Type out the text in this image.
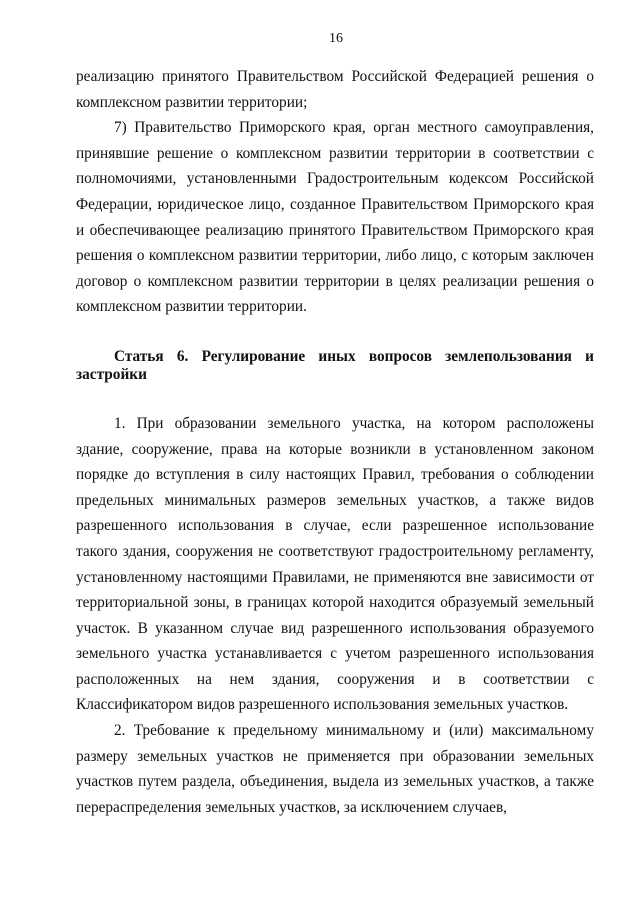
16

реализацию принятого Правительством Российской Федерацией решения о комплексном развитии территории;

7) Правительство Приморского края, орган местного самоуправления, принявшие решение о комплексном развитии территории в соответствии с полномочиями, установленными Градостроительным кодексом Российской Федерации, юридическое лицо, созданное Правительством Приморского края и обеспечивающее реализацию принятого Правительством Приморского края решения о комплексном развитии территории, либо лицо, с которым заключен договор о комплексном развитии территории в целях реализации решения о комплексном развитии территории.

Статья 6. Регулирование иных вопросов землепользования и застройки

1. При образовании земельного участка, на котором расположены здание, сооружение, права на которые возникли в установленном законом порядке до вступления в силу настоящих Правил, требования о соблюдении предельных минимальных размеров земельных участков, а также видов разрешенного использования в случае, если разрешенное использование такого здания, сооружения не соответствуют градостроительному регламенту, установленному настоящими Правилами, не применяются вне зависимости от территориальной зоны, в границах которой находится образуемый земельный участок. В указанном случае вид разрешенного использования образуемого земельного участка устанавливается с учетом разрешенного использования расположенных на нем здания, сооружения и в соответствии с Классификатором видов разрешенного использования земельных участков.

2. Требование к предельному минимальному и (или) максимальному размеру земельных участков не применяется при образовании земельных участков путем раздела, объединения, выдела из земельных участков, а также перераспределения земельных участков, за исключением случаев,
